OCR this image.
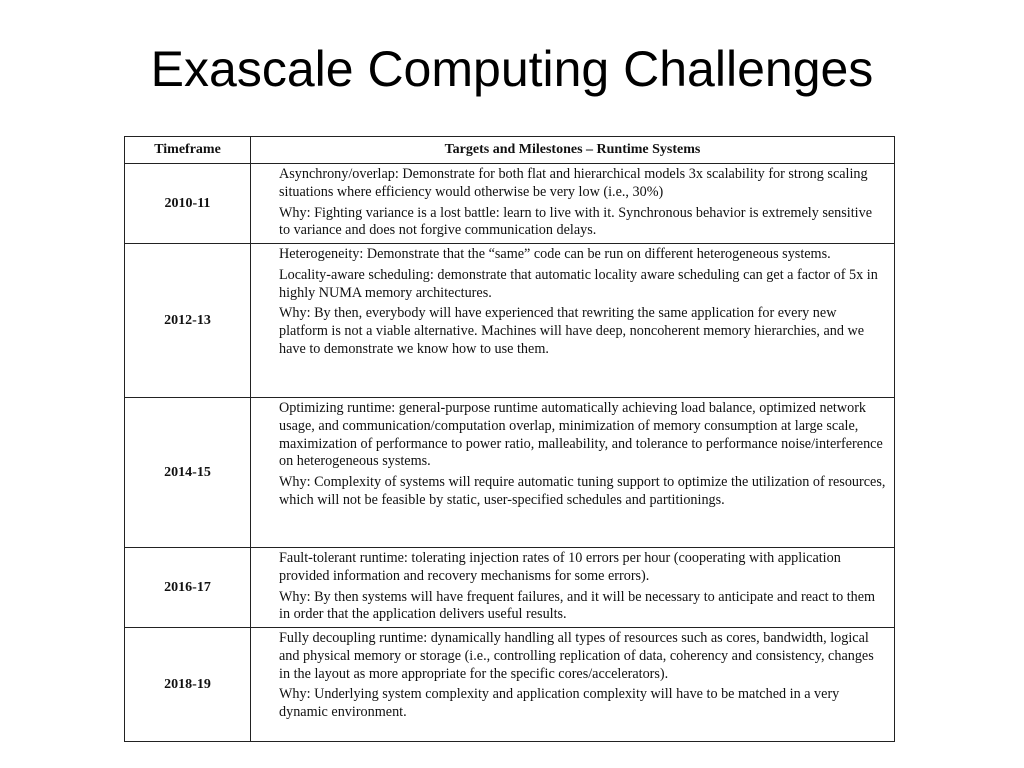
Exascale Computing Challenges
Timeframe	Targets and Milestones – Runtime Systems
2010-11	Asynchrony/overlap: Demonstrate for both flat and hierarchical models 3x scalability for strong scaling situations where efficiency would otherwise be very low (i.e., 30%)

Why: Fighting variance is a lost battle: learn to live with it. Synchronous behavior is extremely sensitive to variance and does not forgive communication delays.

2012-13	Heterogeneity: Demonstrate that the “same” code can be run on different heterogeneous systems.

Locality-aware scheduling: demonstrate that automatic locality aware scheduling can get a factor of 5x in highly NUMA memory architectures.

Why: By then, everybody will have experienced that rewriting the same application for every new platform is not a viable alternative. Machines will have deep, noncoherent memory hierarchies, and we have to demonstrate we know how to use them.

2014-15	Optimizing runtime: general-purpose runtime automatically achieving load balance, optimized network usage, and communication/computation overlap, minimization of memory consumption at large scale, maximization of performance to power ratio, malleability, and tolerance to performance noise/interference on heterogeneous systems.

Why: Complexity of systems will require automatic tuning support to optimize the utilization of resources, which will not be feasible by static, user-specified schedules and partitionings.

2016-17	Fault-tolerant runtime: tolerating injection rates of 10 errors per hour (cooperating with application provided information and recovery mechanisms for some errors).

Why: By then systems will have frequent failures, and it will be necessary to anticipate and react to them in order that the application delivers useful results.

2018-19	Fully decoupling runtime: dynamically handling all types of resources such as cores, bandwidth, logical and physical memory or storage (i.e., controlling replication of data, coherency and consistency, changes in the layout as more appropriate for the specific cores/accelerators).

Why: Underlying system complexity and application complexity will have to be matched in a very dynamic environment.
